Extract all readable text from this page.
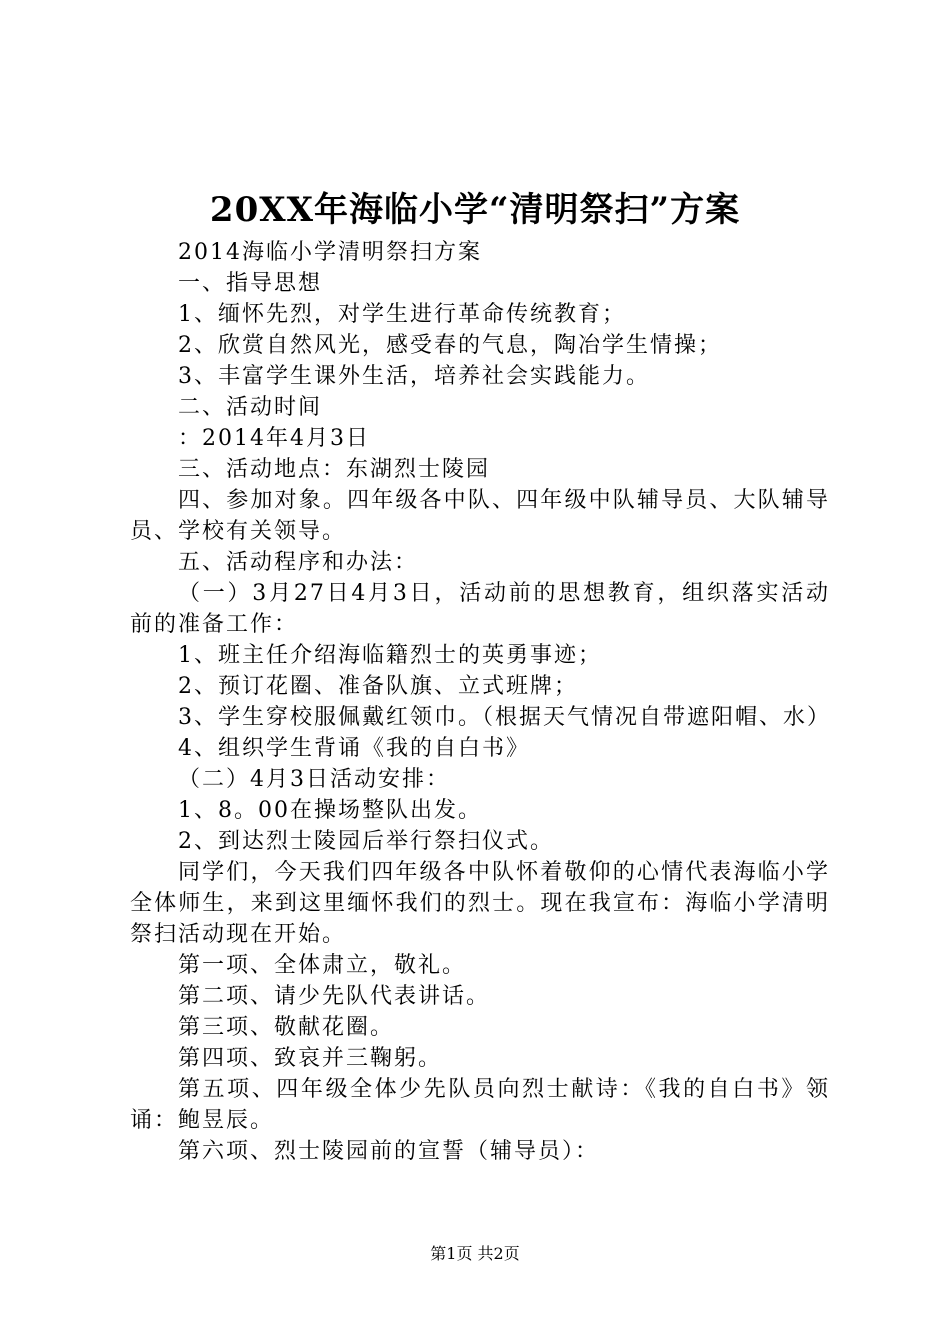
20XX年海临小学“清明祭扫”方案

2014海临小学清明祭扫方案

一、指导思想

1、缅怀先烈，对学生进行革命传统教育；

2、欣赏自然风光，感受春的气息，陶冶学生情操；

3、丰富学生课外生活，培养社会实践能力。

二、活动时间

：2014年4月3日

三、活动地点：东湖烈士陵园

四、参加对象。四年级各中队、四年级中队辅导员、大队辅导员、学校有关领导。

五、活动程序和办法：

（一）3月27日4月3日，活动前的思想教育，组织落实活动前的准备工作：

1、班主任介绍海临籍烈士的英勇事迹；

2、预订花圈、准备队旗、立式班牌；

3、学生穿校服佩戴红领巾。（根据天气情况自带遮阳帽、水）

4、组织学生背诵《我的自白书》

（二）4月3日活动安排：

1、8。00在操场整队出发。

2、到达烈士陵园后举行祭扫仪式。

同学们，今天我们四年级各中队怀着敬仰的心情代表海临小学全体师生，来到这里缅怀我们的烈士。现在我宣布：海临小学清明祭扫活动现在开始。

第一项、全体肃立，敬礼。

第二项、请少先队代表讲话。

第三项、敬献花圈。

第四项、致哀并三鞠躬。

第五项、四年级全体少先队员向烈士献诗：《我的自白书》领诵：鲍昱辰。

第六项、烈士陵园前的宣誓（辅导员）：

第1页 共2页
